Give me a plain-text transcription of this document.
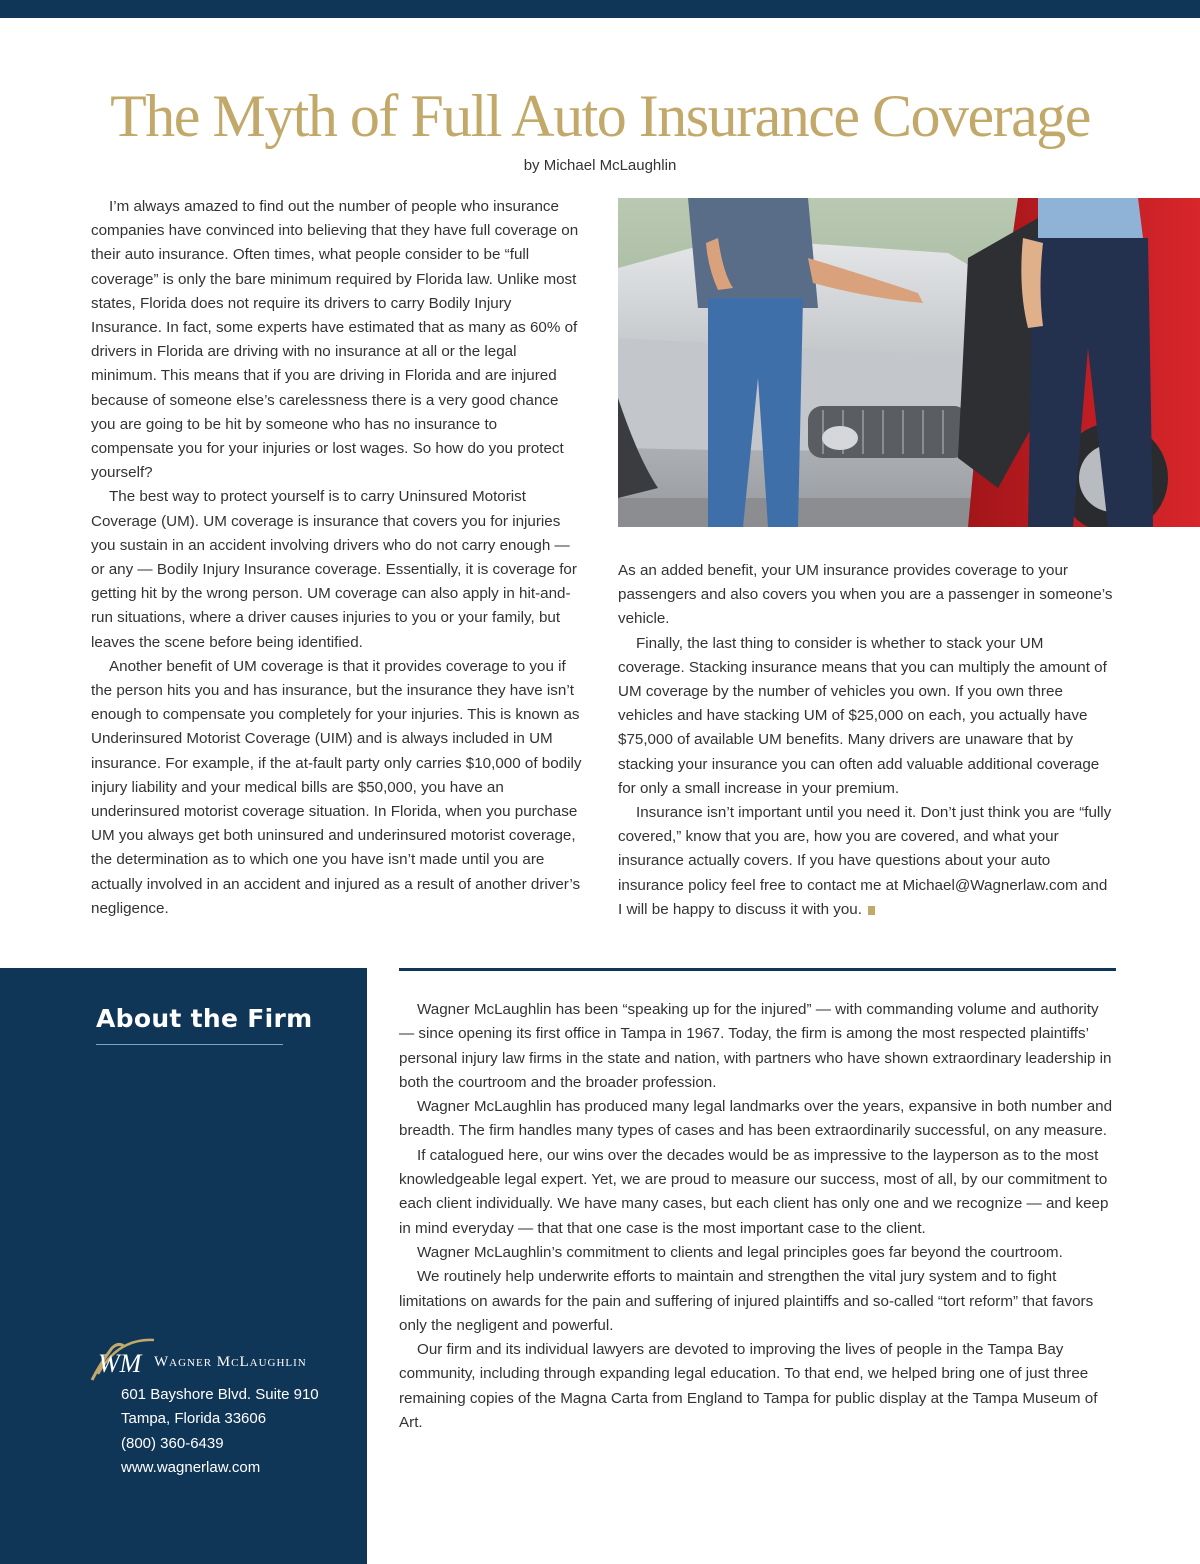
The Myth of Full Auto Insurance Coverage
by Michael McLaughlin

I’m always amazed to find out the number of people who insurance companies have convinced into believing that they have full coverage on their auto insurance. Often times, what people consider to be “full coverage” is only the bare minimum required by Florida law. Unlike most states, Florida does not require its drivers to carry Bodily Injury Insurance. In fact, some experts have estimated that as many as 60% of drivers in Florida are driving with no insurance at all or the legal minimum. This means that if you are driving in Florida and are injured because of someone else’s carelessness there is a very good chance you are going to be hit by someone who has no insurance to compensate you for your injuries or lost wages. So how do you protect yourself?

The best way to protect yourself is to carry Uninsured Motorist Coverage (UM). UM coverage is insurance that covers you for injuries you sustain in an accident involving drivers who do not carry enough — or any — Bodily Injury Insurance coverage. Essentially, it is coverage for getting hit by the wrong person. UM coverage can also apply in hit-and-run situations, where a driver causes injuries to you or your family, but leaves the scene before being identified.

Another benefit of UM coverage is that it provides coverage to you if the person hits you and has insurance, but the insurance they have isn’t enough to compensate you completely for your injuries. This is known as Underinsured Motorist Coverage (UIM) and is always included in UM insurance. For example, if the at-fault party only carries $10,000 of bodily injury liability and your medical bills are $50,000, you have an underinsured motorist coverage situation. In Florida, when you purchase UM you always get both uninsured and underinsured motorist coverage, the determination as to which one you have isn’t made until you are actually involved in an accident and injured as a result of another driver’s negligence.

As an added benefit, your UM insurance provides coverage to your passengers and also covers you when you are a passenger in someone’s vehicle.

Finally, the last thing to consider is whether to stack your UM coverage. Stacking insurance means that you can multiply the amount of UM coverage by the number of vehicles you own. If you own three vehicles and have stacking UM of $25,000 on each, you actually have $75,000 of available UM benefits. Many drivers are unaware that by stacking your insurance you can often add valuable additional coverage for only a small increase in your premium.

Insurance isn’t important until you need it. Don’t just think you are “fully covered,” know that you are, how you are covered, and what your insurance actually covers. If you have questions about your auto insurance policy feel free to contact me at Michael@Wagnerlaw.com and I will be happy to discuss it with you.

About the Firm
WM Wagner McLaughlin
601 Bayshore Blvd. Suite 910
Tampa, Florida 33606
(800) 360-6439
www.wagnerlaw.com

Wagner McLaughlin has been “speaking up for the injured” — with commanding volume and authority — since opening its first office in Tampa in 1967. Today, the firm is among the most respected plaintiffs’ personal injury law firms in the state and nation, with partners who have shown extraordinary leadership in both the courtroom and the broader profession.

Wagner McLaughlin has produced many legal landmarks over the years, expansive in both number and breadth. The firm handles many types of cases and has been extraordinarily successful, on any measure.

If catalogued here, our wins over the decades would be as impressive to the layperson as to the most knowledgeable legal expert. Yet, we are proud to measure our success, most of all, by our commitment to each client individually. We have many cases, but each client has only one and we recognize — and keep in mind everyday — that that one case is the most important case to the client.

Wagner McLaughlin’s commitment to clients and legal principles goes far beyond the courtroom.

We routinely help underwrite efforts to maintain and strengthen the vital jury system and to fight limitations on awards for the pain and suffering of injured plaintiffs and so-called “tort reform” that favors only the negligent and powerful.

Our firm and its individual lawyers are devoted to improving the lives of people in the Tampa Bay community, including through expanding legal education. To that end, we helped bring one of just three remaining copies of the Magna Carta from England to Tampa for public display at the Tampa Museum of Art.
